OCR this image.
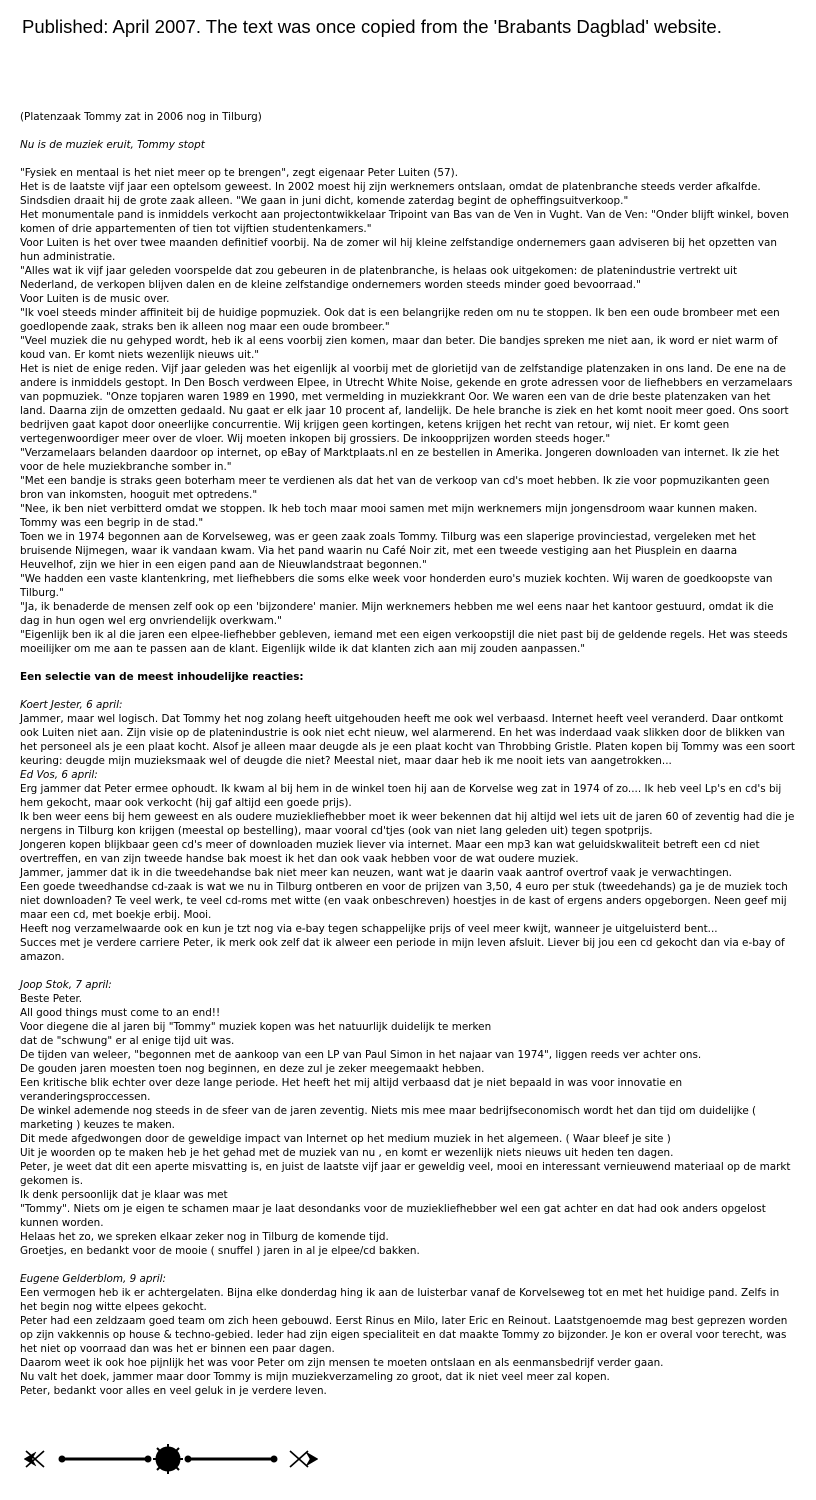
Published: April 2007. The text was once copied from the 'Brabants Dagblad' website.

(Platenzaak Tommy zat in 2006 nog in Tilburg)

Nu is de muziek eruit, Tommy stopt

"Fysiek en mentaal is het niet meer op te brengen", zegt eigenaar Peter Luiten (57).

Het is de laatste vijf jaar een optelsom geweest. In 2002 moest hij zijn werknemers ontslaan, omdat de platenbranche steeds verder afkalfde. Sindsdien draait hij de grote zaak alleen. "We gaan in juni dicht, komende zaterdag begint de opheffingsuitverkoop."

Het monumentale pand is inmiddels verkocht aan projectontwikkelaar Tripoint van Bas van de Ven in Vught. Van de Ven: "Onder blijft winkel, boven komen of drie appartementen of tien tot vijftien studentenkamers."

Voor Luiten is het over twee maanden definitief voorbij. Na de zomer wil hij kleine zelfstandige ondernemers gaan adviseren bij het opzetten van hun administratie.

"Alles wat ik vijf jaar geleden voorspelde dat zou gebeuren in de platenbranche, is helaas ook uitgekomen: de platenindustrie vertrekt uit Nederland, de verkopen blijven dalen en de kleine zelfstandige ondernemers worden steeds minder goed bevoorraad."

Voor Luiten is de music over.

"Ik voel steeds minder affiniteit bij de huidige popmuziek. Ook dat is een belangrijke reden om nu te stoppen. Ik ben een oude brombeer met een goedlopende zaak, straks ben ik alleen nog maar een oude brombeer."

"Veel muziek die nu gehyped wordt, heb ik al eens voorbij zien komen, maar dan beter. Die bandjes spreken me niet aan, ik word er niet warm of koud van. Er komt niets wezenlijk nieuws uit."

Het is niet de enige reden. Vijf jaar geleden was het eigenlijk al voorbij met de glorietijd van de zelfstandige platenzaken in ons land. De ene na de andere is inmiddels gestopt. In Den Bosch verdween Elpee, in Utrecht White Noise, gekende en grote adressen voor de liefhebbers en verzamelaars van popmuziek. "Onze topjaren waren 1989 en 1990, met vermelding in muziekkrant Oor. We waren een van de drie beste platenzaken van het land. Daarna zijn de omzetten gedaald. Nu gaat er elk jaar 10 procent af, landelijk. De hele branche is ziek en het komt nooit meer goed. Ons soort bedrijven gaat kapot door oneerlijke concurrentie. Wij krijgen geen kortingen, ketens krijgen het recht van retour, wij niet. Er komt geen vertegenwoordiger meer over de vloer. Wij moeten inkopen bij grossiers. De inkoopprijzen worden steeds hoger."

"Verzamelaars belanden daardoor op internet, op eBay of Marktplaats.nl en ze bestellen in Amerika. Jongeren downloaden van internet. Ik zie het voor de hele muziekbranche somber in."

"Met een bandje is straks geen boterham meer te verdienen als dat het van de verkoop van cd's moet hebben. Ik zie voor popmuzikanten geen bron van inkomsten, hooguit met optredens."

"Nee, ik ben niet verbitterd omdat we stoppen. Ik heb toch maar mooi samen met mijn werknemers mijn jongensdroom waar kunnen maken. Tommy was een begrip in de stad."

Toen we in 1974 begonnen aan de Korvelseweg, was er geen zaak zoals Tommy. Tilburg was een slaperige provinciestad, vergeleken met het bruisende Nijmegen, waar ik vandaan kwam. Via het pand waarin nu Café Noir zit, met een tweede vestiging aan het Piusplein en daarna Heuvelhof, zijn we hier in een eigen pand aan de Nieuwlandstraat begonnen."

"We hadden een vaste klantenkring, met liefhebbers die soms elke week voor honderden euro's muziek kochten. Wij waren de goedkoopste van Tilburg."

"Ja, ik benaderde de mensen zelf ook op een 'bijzondere' manier. Mijn werknemers hebben me wel eens naar het kantoor gestuurd, omdat ik die dag in hun ogen wel erg onvriendelijk overkwam."

"Eigenlijk ben ik al die jaren een elpee-liefhebber gebleven, iemand met een eigen verkoopstijl die niet past bij de geldende regels. Het was steeds moeilijker om me aan te passen aan de klant. Eigenlijk wilde ik dat klanten zich aan mij zouden aanpassen."

Een selectie van de meest inhoudelijke reacties:

Koert Jester, 6 april:

Jammer, maar wel logisch. Dat Tommy het nog zolang heeft uitgehouden heeft me ook wel verbaasd. Internet heeft veel veranderd. Daar ontkomt ook Luiten niet aan. Zijn visie op de platenindustrie is ook niet echt nieuw, wel alarmerend. En het was inderdaad vaak slikken door de blikken van het personeel als je een plaat kocht. Alsof je alleen maar deugde als je een plaat kocht van Throbbing Gristle. Platen kopen bij Tommy was een soort keuring: deugde mijn muzieksmaak wel of deugde die niet? Meestal niet, maar daar heb ik me nooit iets van aangetrokken...

Ed Vos, 6 april:

Erg jammer dat Peter ermee ophoudt. Ik kwam al bij hem in de winkel toen hij aan de Korvelse weg zat in 1974 of zo.... Ik heb veel Lp's en cd's bij hem gekocht, maar ook verkocht (hij gaf altijd een goede prijs).

Ik ben weer eens bij hem geweest en als oudere muziekliefhebber moet ik weer bekennen dat hij altijd wel iets uit de jaren 60 of zeventig had die je nergens in Tilburg kon krijgen (meestal op bestelling), maar vooral cd'tjes (ook van niet lang geleden uit) tegen spotprijs.

Jongeren kopen blijkbaar geen cd's meer of downloaden muziek liever via internet. Maar een mp3 kan wat geluidskwaliteit betreft een cd niet overtreffen, en van zijn tweede handse bak moest ik het dan ook vaak hebben voor de wat oudere muziek.

Jammer, jammer dat ik in die tweedehandse bak niet meer kan neuzen, want wat je daarin vaak aantrof overtrof vaak je verwachtingen.

Een goede tweedhandse cd-zaak is wat we nu in Tilburg ontberen en voor de prijzen van 3,50, 4 euro per stuk (tweedehands) ga je de muziek toch niet downloaden? Te veel werk, te veel cd-roms met witte (en vaak onbeschreven) hoestjes in de kast of ergens anders opgeborgen. Neen geef mij maar een cd, met boekje erbij. Mooi.

Heeft nog verzamelwaarde ook en kun je tzt nog via e-bay tegen schappelijke prijs of veel meer kwijt, wanneer je uitgeluisterd bent...

Succes met je verdere carriere Peter, ik merk ook zelf dat ik alweer een periode in mijn leven afsluit. Liever bij jou een cd gekocht dan via e-bay of amazon.

Joop Stok, 7 april:

Beste Peter.

All good things must come to an end!!

Voor diegene die al jaren bij "Tommy" muziek kopen was het natuurlijk duidelijk te merken

dat de "schwung" er al enige tijd uit was.

De tijden van weleer, "begonnen met de aankoop van een LP van Paul Simon in het najaar van 1974", liggen reeds ver achter ons.

De gouden jaren moesten toen nog beginnen, en deze zul je zeker meegemaakt hebben.

Een kritische blik echter over deze lange periode. Het heeft het mij altijd verbaasd dat je niet bepaald in was voor innovatie en veranderingsproccessen.

De winkel ademende nog steeds in de sfeer van de jaren zeventig. Niets mis mee maar bedrijfseconomisch wordt het dan tijd om duidelijke ( marketing ) keuzes te maken.

Dit mede afgedwongen door de geweldige impact van Internet op het medium muziek in het algemeen. ( Waar bleef je site )

Uit je woorden op te maken heb je het gehad met de muziek van nu , en komt er wezenlijk niets nieuws uit heden ten dagen.

Peter, je weet dat dit een aperte misvatting is, en juist de laatste vijf jaar er geweldig veel, mooi en interessant vernieuwend materiaal op de markt gekomen is.

Ik denk persoonlijk dat je klaar was met

"Tommy". Niets om je eigen te schamen maar je laat desondanks voor de muziekliefhebber wel een gat achter en dat had ook anders opgelost kunnen worden.

Helaas het zo, we spreken elkaar zeker nog in Tilburg de komende tijd.

Groetjes, en bedankt voor de mooie ( snuffel ) jaren in al je elpee/cd bakken.

Eugene Gelderblom, 9 april:

Een vermogen heb ik er achtergelaten. Bijna elke donderdag hing ik aan de luisterbar vanaf de Korvelseweg tot en met het huidige pand. Zelfs in het begin nog witte elpees gekocht.

Peter had een zeldzaam goed team om zich heen gebouwd. Eerst Rinus en Milo, later Eric en Reinout. Laatstgenoemde mag best geprezen worden op zijn vakkennis op house & techno-gebied. Ieder had zijn eigen specialiteit en dat maakte Tommy zo bijzonder. Je kon er overal voor terecht, was het niet op voorraad dan was het er binnen een paar dagen.

Daarom weet ik ook hoe pijnlijk het was voor Peter om zijn mensen te moeten ontslaan en als eenmansbedrijf verder gaan.

Nu valt het doek, jammer maar door Tommy is mijn muziekverzameling zo groot, dat ik niet veel meer zal kopen.

Peter, bedankt voor alles en veel geluk in je verdere leven.
